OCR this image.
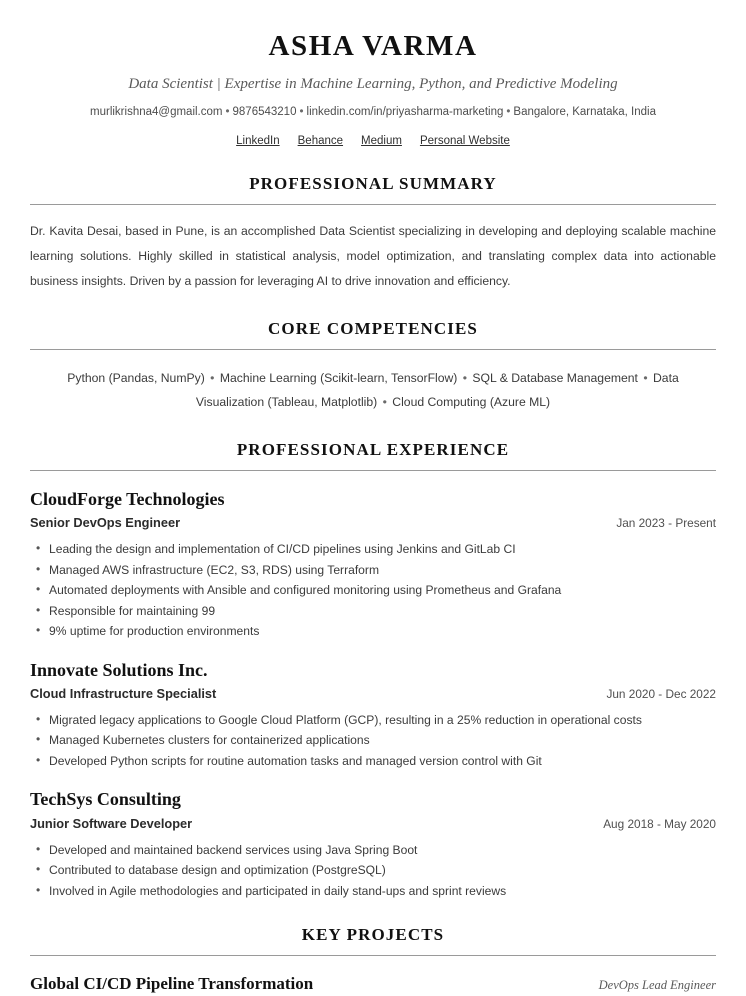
ASHA VARMA
Data Scientist | Expertise in Machine Learning, Python, and Predictive Modeling
murlikrishna4@gmail.com • 9876543210 • linkedin.com/in/priyasharma-marketing • Bangalore, Karnataka, India
LinkedIn Behance Medium Personal Website
PROFESSIONAL SUMMARY

Dr. Kavita Desai, based in Pune, is an accomplished Data Scientist specializing in developing and deploying scalable machine learning solutions. Highly skilled in statistical analysis, model optimization, and translating complex data into actionable business insights. Driven by a passion for leveraging AI to drive innovation and efficiency.

CORE COMPETENCIES
Python (Pandas, NumPy) • Machine Learning (Scikit-learn, TensorFlow) • SQL & Database Management • Data Visualization (Tableau, Matplotlib) • Cloud Computing (Azure ML)
PROFESSIONAL EXPERIENCE
CloudForge Technologies
Senior DevOps Engineer	Jan 2023 - Present
• Leading the design and implementation of CI/CD pipelines using Jenkins and GitLab CI
• Managed AWS infrastructure (EC2, S3, RDS) using Terraform
• Automated deployments with Ansible and configured monitoring using Prometheus and Grafana
• Responsible for maintaining 99
• 9% uptime for production environments
Innovate Solutions Inc.
Cloud Infrastructure Specialist	Jun 2020 - Dec 2022
• Migrated legacy applications to Google Cloud Platform (GCP), resulting in a 25% reduction in operational costs
• Managed Kubernetes clusters for containerized applications
• Developed Python scripts for routine automation tasks and managed version control with Git
TechSys Consulting
Junior Software Developer	Aug 2018 - May 2020
• Developed and maintained backend services using Java Spring Boot
• Contributed to database design and optimization (PostgreSQL)
• Involved in Agile methodologies and participated in daily stand-ups and sprint reviews
KEY PROJECTS
Global CI/CD Pipeline Transformation	DevOps Lead Engineer
